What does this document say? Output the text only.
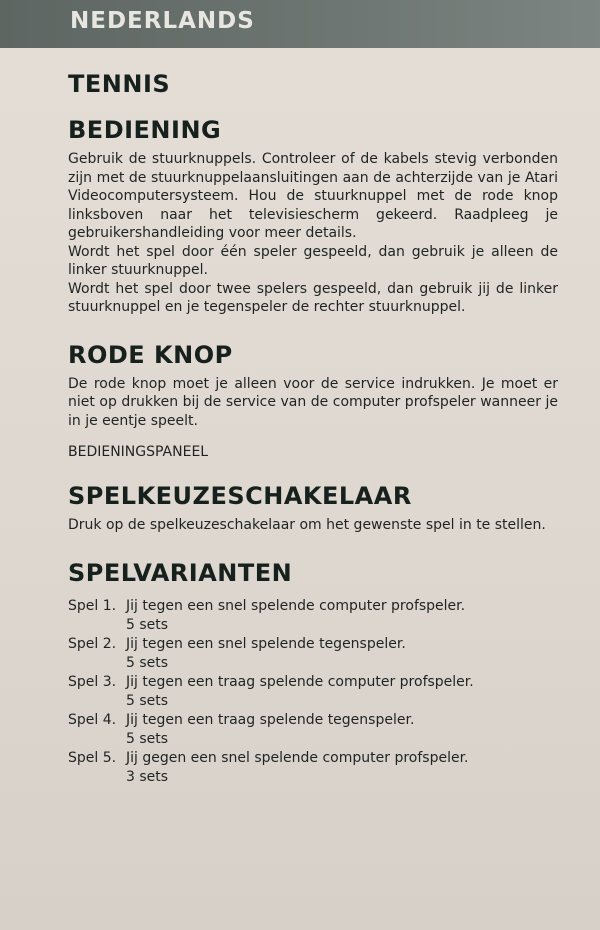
NEDERLANDS
TENNIS
BEDIENING

Gebruik de stuurknuppels. Controleer of de kabels stevig verbonden zijn met de stuurknuppelaansluitingen aan de achterzijde van je Atari Videocomputersysteem. Hou de stuurknuppel met de rode knop linksboven naar het televisiescherm gekeerd. Raadpleeg je gebruikershandleiding voor meer details.

Wordt het spel door één speler gespeeld, dan gebruik je alleen de linker stuurknuppel.

Wordt het spel door twee spelers gespeeld, dan gebruik jij de linker stuurknuppel en je tegenspeler de rechter stuurknuppel.

RODE KNOP

De rode knop moet je alleen voor de service indrukken. Je moet er niet op drukken bij de service van de computer profspeler wanneer je in je eentje speelt.

BEDIENINGSPANEEL
SPELKEUZESCHAKELAAR

Druk op de spelkeuzeschakelaar om het gewenste spel in te stellen.

SPELVARIANTEN
Spel 1. Jij tegen een snel spelende computer profspeler.
5 sets
Spel 2. Jij tegen een snel spelende tegenspeler.
5 sets
Spel 3. Jij tegen een traag spelende computer profspeler.
5 sets
Spel 4. Jij tegen een traag spelende tegenspeler.
5 sets
Spel 5. Jij gegen een snel spelende computer profspeler.
3 sets
